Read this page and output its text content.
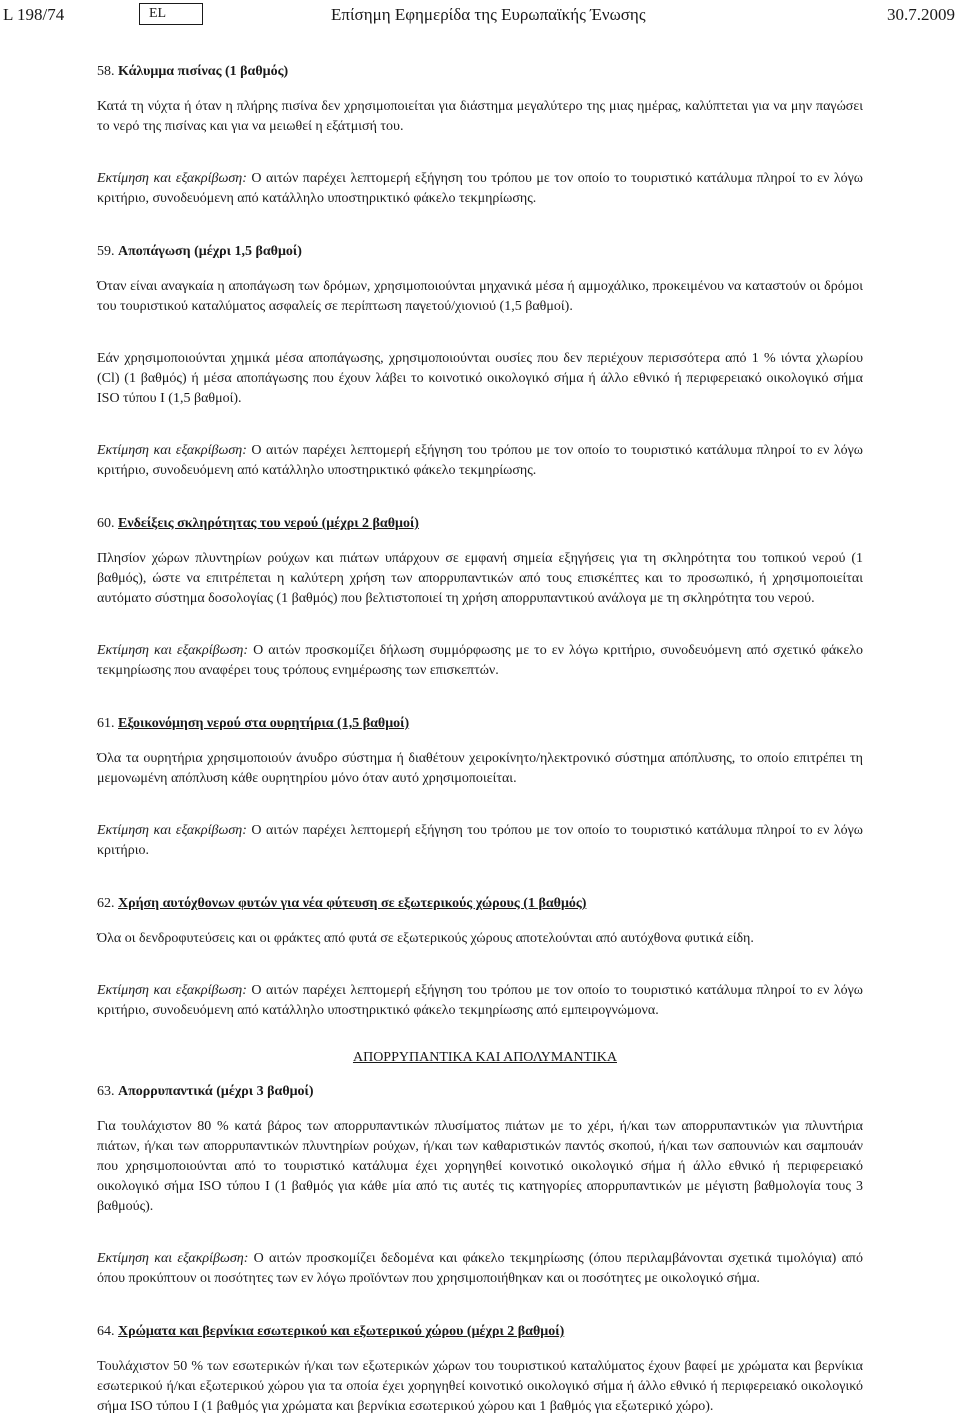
L 198/74	EL	Επίσημη Εφημερίδα της Ευρωπαϊκής Ένωσης	30.7.2009
58. Κάλυμμα πισίνας (1 βαθμός)

Κατά τη νύχτα ή όταν η πλήρης πισίνα δεν χρησιμοποιείται για διάστημα μεγαλύτερο της μιας ημέρας, καλύπτεται για να μην παγώσει το νερό της πισίνας και για να μειωθεί η εξάτμισή του.

Εκτίμηση και εξακρίβωση: Ο αιτών παρέχει λεπτομερή εξήγηση του τρόπου με τον οποίο το τουριστικό κατάλυμα πληροί το εν λόγω κριτήριο, συνοδευόμενη από κατάλληλο υποστηρικτικό φάκελο τεκμηρίωσης.

59. Αποπάγωση (μέχρι 1,5 βαθμοί)

Όταν είναι αναγκαία η αποπάγωση των δρόμων, χρησιμοποιούνται μηχανικά μέσα ή αμμοχάλικο, προκειμένου να καταστούν οι δρόμοι του τουριστικού καταλύματος ασφαλείς σε περίπτωση παγετού/χιονιού (1,5 βαθμοί).

Εάν χρησιμοποιούνται χημικά μέσα αποπάγωσης, χρησιμοποιούνται ουσίες που δεν περιέχουν περισσότερα από 1 % ιόντα χλωρίου (Cl) (1 βαθμός) ή μέσα αποπάγωσης που έχουν λάβει το κοινοτικό οικολογικό σήμα ή άλλο εθνικό ή περιφερειακό οικολογικό σήμα ISO τύπου I (1,5 βαθμοί).

Εκτίμηση και εξακρίβωση: Ο αιτών παρέχει λεπτομερή εξήγηση του τρόπου με τον οποίο το τουριστικό κατάλυμα πληροί το εν λόγω κριτήριο, συνοδευόμενη από κατάλληλο υποστηρικτικό φάκελο τεκμηρίωσης.

60. Ενδείξεις σκληρότητας του νερού (μέχρι 2 βαθμοί)

Πλησίον χώρων πλυντηρίων ρούχων και πιάτων υπάρχουν σε εμφανή σημεία εξηγήσεις για τη σκληρότητα του τοπικού νερού (1 βαθμός), ώστε να επιτρέπεται η καλύτερη χρήση των απορρυπαντικών από τους επισκέπτες και το προσωπικό, ή χρησιμοποιείται αυτόματο σύστημα δοσολογίας (1 βαθμός) που βελτιστοποιεί τη χρήση απορρυπαντικού ανάλογα με τη σκληρότητα του νερού.

Εκτίμηση και εξακρίβωση: Ο αιτών προσκομίζει δήλωση συμμόρφωσης με το εν λόγω κριτήριο, συνοδευόμενη από σχετικό φάκελο τεκμηρίωσης που αναφέρει τους τρόπους ενημέρωσης των επισκεπτών.

61. Εξοικονόμηση νερού στα ουρητήρια (1,5 βαθμοί)

Όλα τα ουρητήρια χρησιμοποιούν άνυδρο σύστημα ή διαθέτουν χειροκίνητο/ηλεκτρονικό σύστημα απόπλυσης, το οποίο επιτρέπει τη μεμονωμένη απόπλυση κάθε ουρητηρίου μόνο όταν αυτό χρησιμοποιείται.

Εκτίμηση και εξακρίβωση: Ο αιτών παρέχει λεπτομερή εξήγηση του τρόπου με τον οποίο το τουριστικό κατάλυμα πληροί το εν λόγω κριτήριο.

62. Χρήση αυτόχθονων φυτών για νέα φύτευση σε εξωτερικούς χώρους (1 βαθμός)

Όλα οι δενδροφυτεύσεις και οι φράκτες από φυτά σε εξωτερικούς χώρους αποτελούνται από αυτόχθονα φυτικά είδη.

Εκτίμηση και εξακρίβωση: Ο αιτών παρέχει λεπτομερή εξήγηση του τρόπου με τον οποίο το τουριστικό κατάλυμα πληροί το εν λόγω κριτήριο, συνοδευόμενη από κατάλληλο υποστηρικτικό φάκελο τεκμηρίωσης από εμπειρογνώμονα.

ΑΠΟΡΡΥΠΑΝΤΙΚΑ ΚΑΙ ΑΠΟΛΥΜΑΝΤΙΚΑ
63. Απορρυπαντικά (μέχρι 3 βαθμοί)

Για τουλάχιστον 80 % κατά βάρος των απορρυπαντικών πλυσίματος πιάτων με το χέρι, ή/και των απορρυπαντικών για πλυντήρια πιάτων, ή/και των απορρυπαντικών πλυντηρίων ρούχων, ή/και των καθαριστικών παντός σκοπού, ή/και των σαπουνιών και σαμπουάν που χρησιμοποιούνται από το τουριστικό κατάλυμα έχει χορηγηθεί κοινοτικό οικολογικό σήμα ή άλλο εθνικό ή περιφερειακό οικολογικό σήμα ISO τύπου I (1 βαθμός για κάθε μία από τις αυτές τις κατηγορίες απορρυπαντικών με μέγιστη βαθμολογία τους 3 βαθμούς).

Εκτίμηση και εξακρίβωση: Ο αιτών προσκομίζει δεδομένα και φάκελο τεκμηρίωσης (όπου περιλαμβάνονται σχετικά τιμολόγια) από όπου προκύπτουν οι ποσότητες των εν λόγω προϊόντων που χρησιμοποιήθηκαν και οι ποσότητες με οικολογικό σήμα.

64. Χρώματα και βερνίκια εσωτερικού και εξωτερικού χώρου (μέχρι 2 βαθμοί)

Τουλάχιστον 50 % των εσωτερικών ή/και των εξωτερικών χώρων του τουριστικού καταλύματος έχουν βαφεί με χρώματα και βερνίκια εσωτερικού ή/και εξωτερικού χώρου για τα οποία έχει χορηγηθεί κοινοτικό οικολογικό σήμα ή άλλο εθνικό ή περιφερειακό οικολογικό σήμα ISO τύπου I (1 βαθμός για χρώματα και βερνίκια εσωτερικού χώρου και 1 βαθμός για εξωτερικό χώρο).
